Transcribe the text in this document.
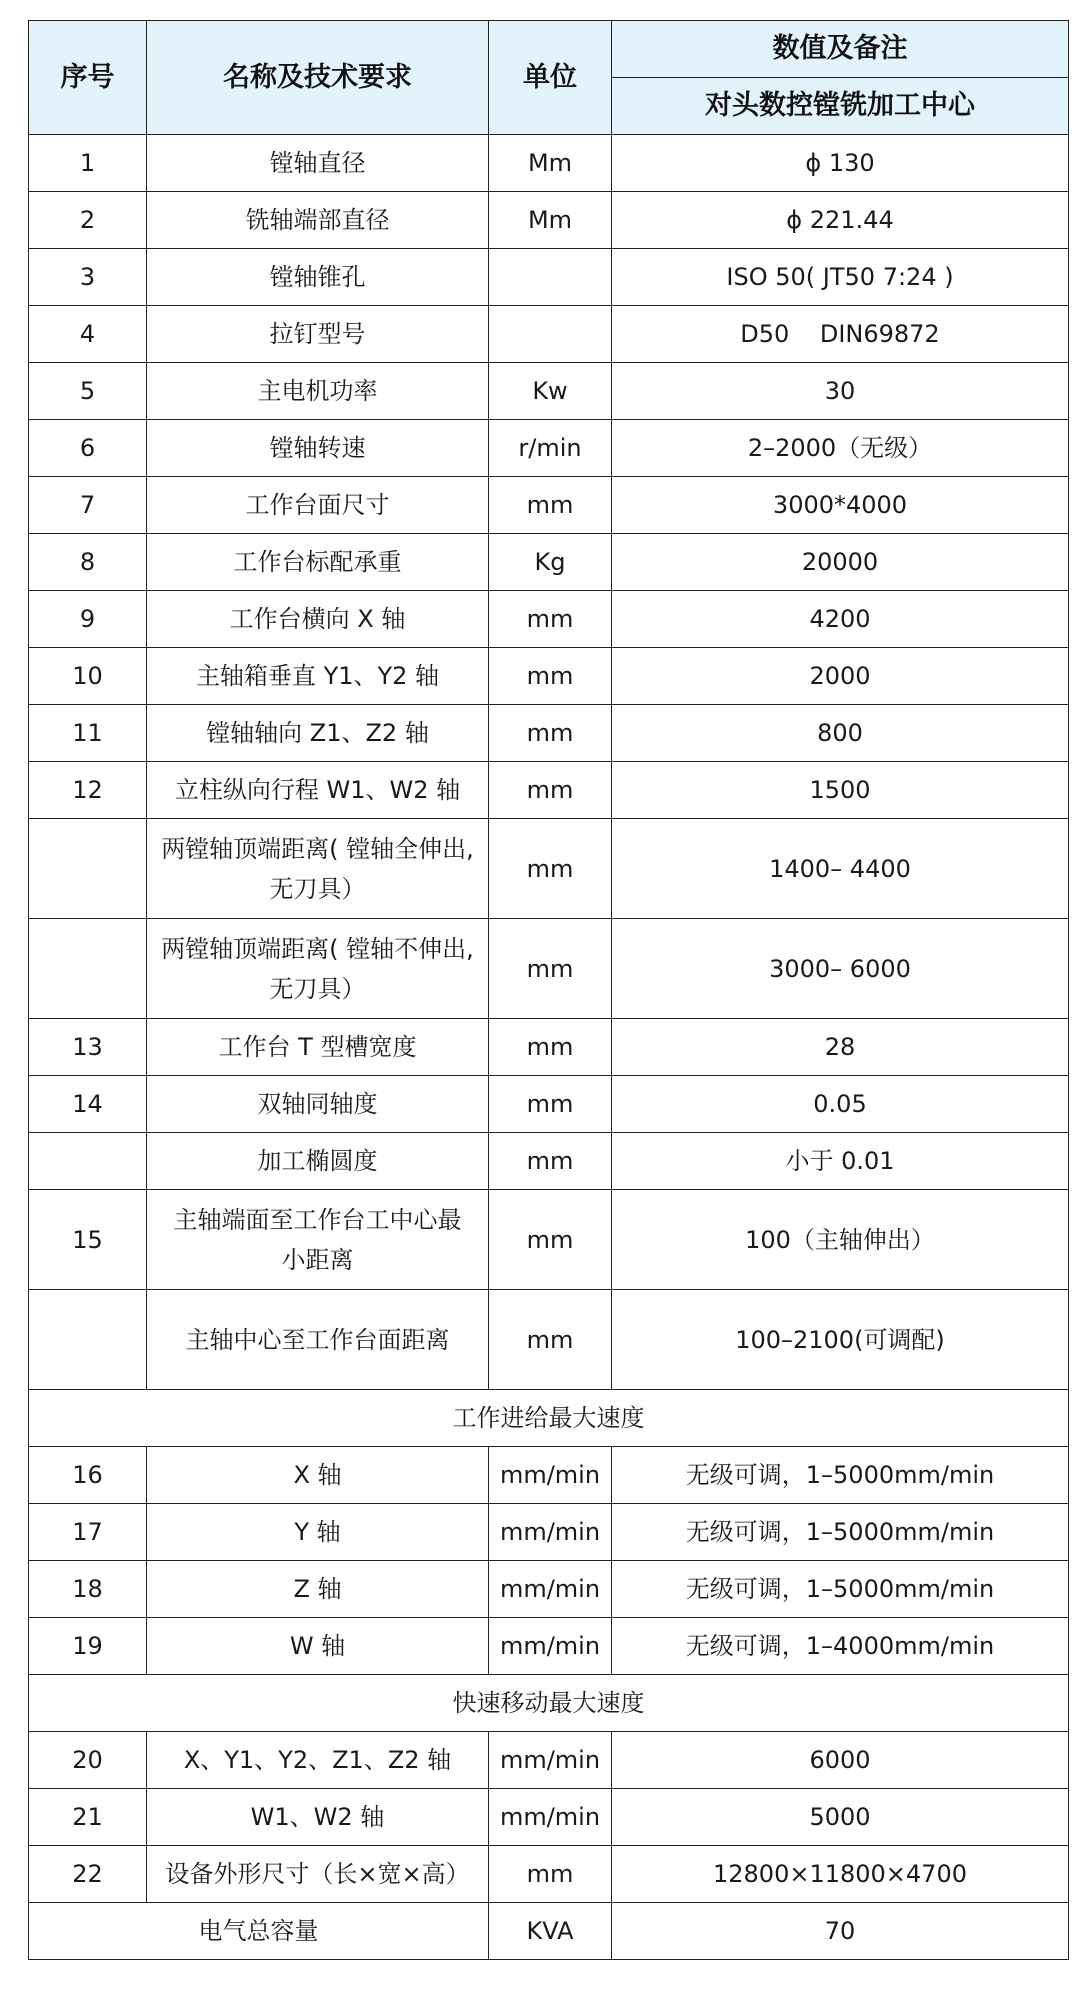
序号	名称及技术要求	单位	数值及备注
			对头数控镗铣加工中心
1	镗轴直径	Mm	ϕ 130
2	铣轴端部直径	Mm	ϕ 221.44
3	镗轴锥孔		ISO 50( JT50 7:24 )
4	拉钉型号		D50    DIN69872
5	主电机功率	Kw	30
6	镗轴转速	r/min	2–2000（无级）
7	工作台面尺寸	mm	3000*4000
8	工作台标配承重	Kg	20000
9	工作台横向 X 轴	mm	4200
10	主轴箱垂直 Y1、Y2 轴	mm	2000
11	镗轴轴向 Z1、Z2 轴	mm	800
12	立柱纵向行程 W1、W2 轴	mm	1500

	两镗轴顶端距离( 镗轴全伸出,
无刀具）	mm	1400– 4400

	两镗轴顶端距离( 镗轴不伸出,
无刀具）	mm	3000– 6000
13	工作台 T 型槽宽度	mm	28
14	双轴同轴度	mm	0.05
	加工椭圆度	mm	小于 0.01
15	主轴端面至工作台工中心最
小距离	mm	100（主轴伸出）
	主轴中心至工作台面距离	mm	100–2100(可调配)
工作进给最大速度			
16	X 轴	mm/min	无级可调，1–5000mm/min
17	Y 轴	mm/min	无级可调，1–5000mm/min
18	Z 轴	mm/min	无级可调，1–5000mm/min
19	W 轴	mm/min	无级可调，1–4000mm/min
快速移动最大速度			
20	X、Y1、Y2、Z1、Z2 轴	mm/min	6000
21	W1、W2 轴	mm/min	5000
22	设备外形尺寸（长×宽×高）	mm	12800×11800×4700
电气总容量		KVA	70
